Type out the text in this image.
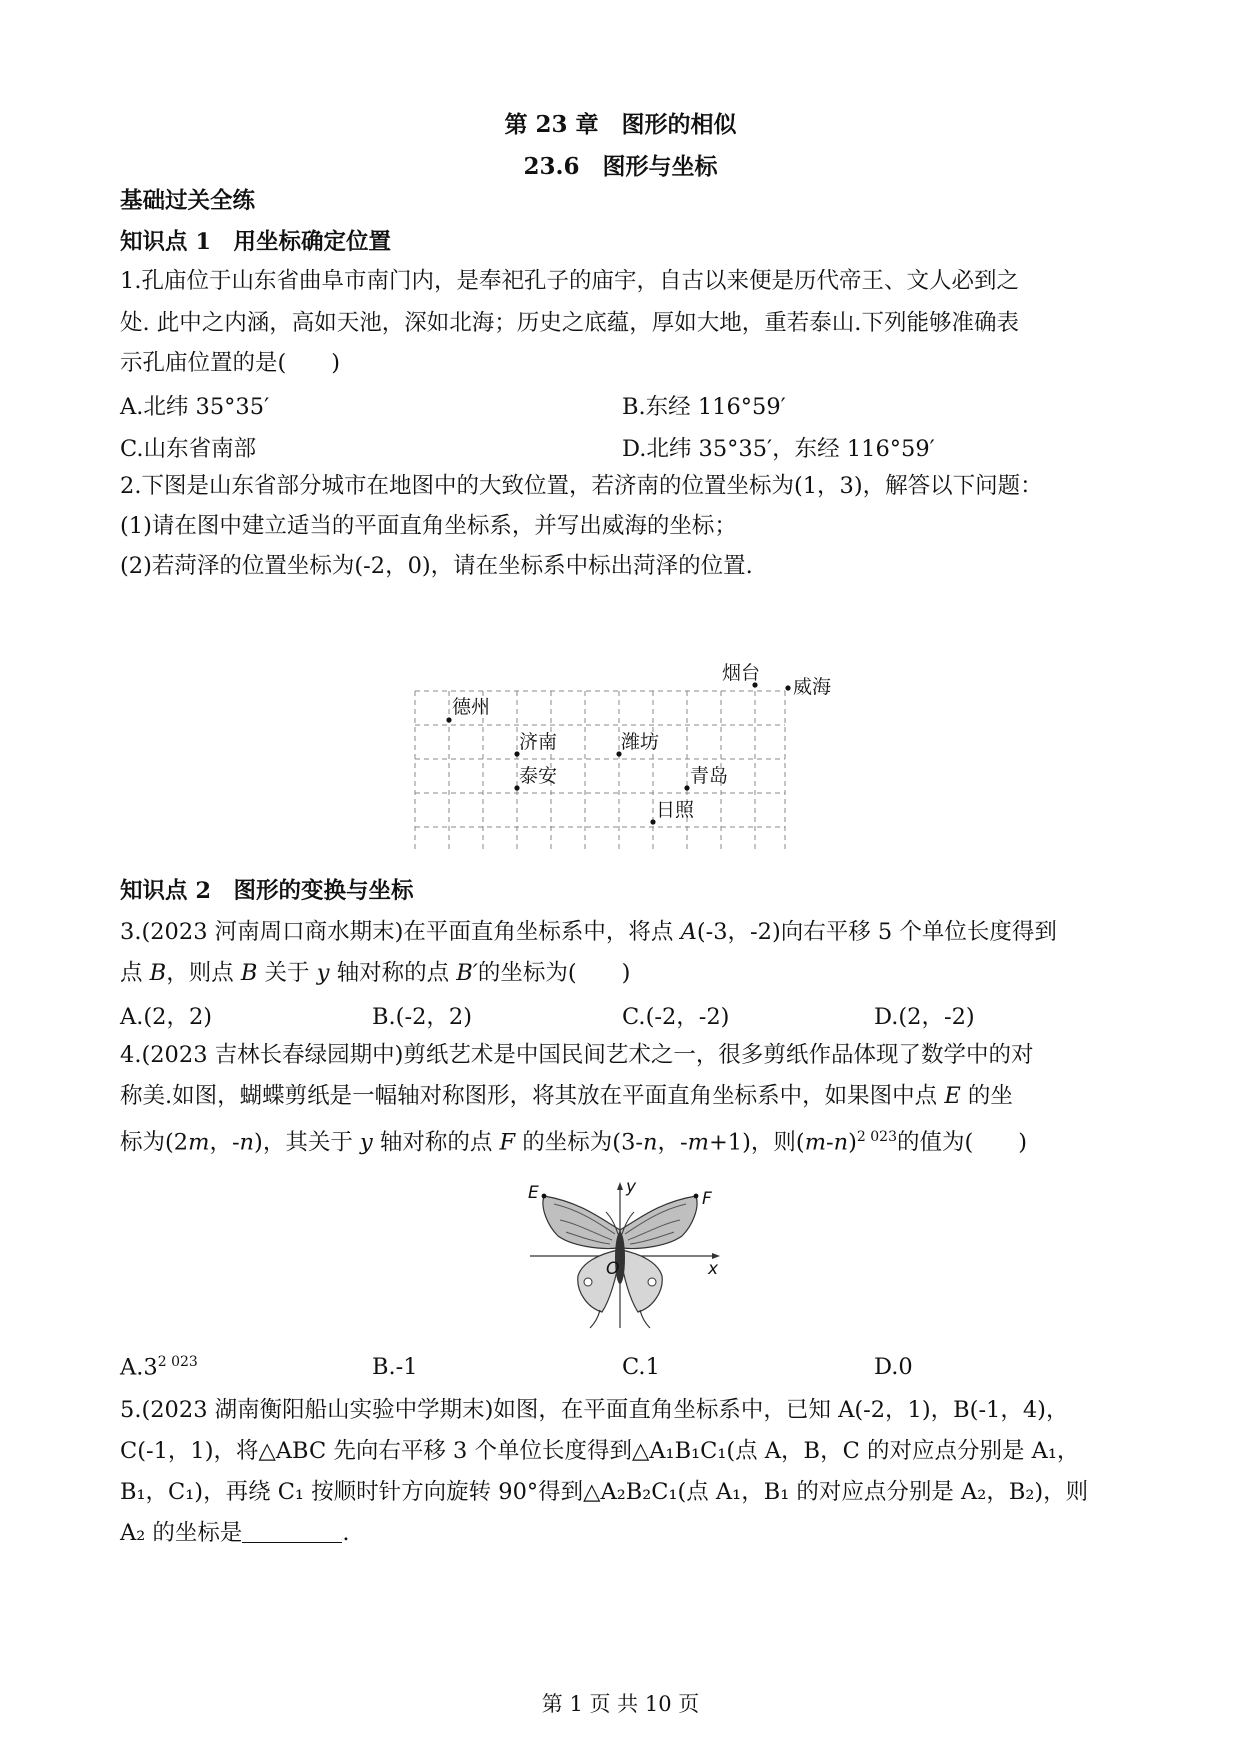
第 23 章　图形的相似
23.6　图形与坐标
基础过关全练
知识点 1　用坐标确定位置
1.孔庙位于山东省曲阜市南门内，是奉祀孔子的庙宇，自古以来便是历代帝王、文人必到之
处. 此中之内涵，高如天池，深如北海；历史之底蕴，厚如大地，重若泰山.下列能够准确表
示孔庙位置的是(　　)
A.北纬 35°35′	B.东经 116°59′
C.山东省南部	D.北纬 35°35′，东经 116°59′
2.下图是山东省部分城市在地图中的大致位置，若济南的位置坐标为(1，3)，解答以下问题：
(1)请在图中建立适当的平面直角坐标系，并写出威海的坐标；
(2)若菏泽的位置坐标为(-2，0)，请在坐标系中标出菏泽的位置.
烟台
威海
德州
济南	潍坊
泰安	青岛
日照
知识点 2　图形的变换与坐标
3.(2023 河南周口商水期末)在平面直角坐标系中，将点 A(-3，-2)向右平移 5 个单位长度得到
点 B，则点 B 关于 y 轴对称的点 B′的坐标为(　　)
A.(2，2)	B.(-2，2)	C.(-2，-2)	D.(2，-2)
4.(2023 吉林长春绿园期中)剪纸艺术是中国民间艺术之一，很多剪纸作品体现了数学中的对
称美.如图，蝴蝶剪纸是一幅轴对称图形，将其放在平面直角坐标系中，如果图中点 E 的坐
标为(2m，-n)，其关于 y 轴对称的点 F 的坐标为(3-n，-m+1)，则$(m-n)^{2 023}$的值为(　　)
E	F
y
x
O
$A.3^{2 023}$	B.-1	C.1	D.0
5.(2023 湖南衡阳船山实验中学期末)如图，在平面直角坐标系中，已知 A(-2，1)，B(-1，4)，
C(-1，1)，将△ABC 先向右平移 3 个单位长度得到△A₁B₁C₁(点 A，B，C 的对应点分别是 A₁，
B₁，C₁)，再绕 C₁ 按顺时针方向旋转 90°得到△A₂B₂C₁(点 A₁，B₁ 的对应点分别是 A₂，B₂)，则
A₂ 的坐标是	.
第 1 页 共 10 页
